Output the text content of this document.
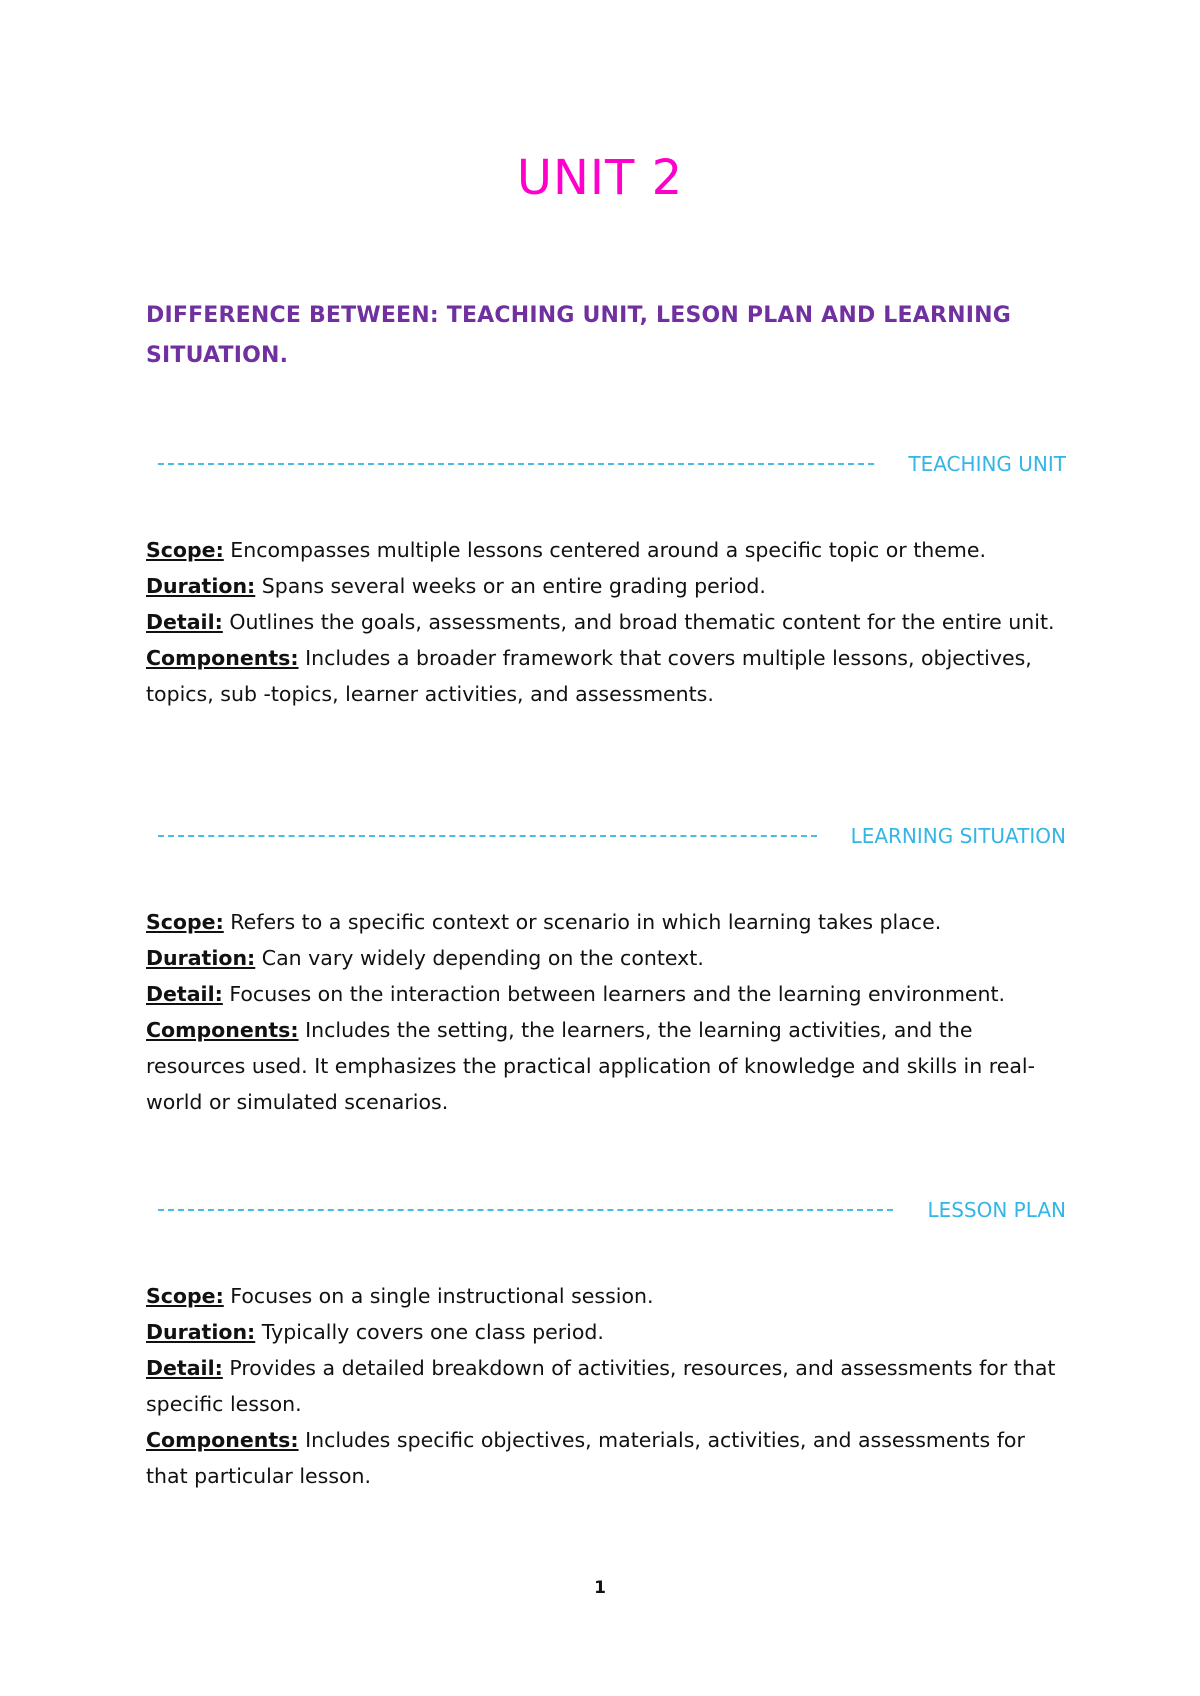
UNIT 2
DIFFERENCE BETWEEN: TEACHING UNIT, LESON PLAN AND LEARNING SITUATION.
TEACHING UNIT

Scope: Encompasses multiple lessons centered around a specific topic or theme.

Duration: Spans several weeks or an entire grading period.

Detail: Outlines the goals, assessments, and broad thematic content for the entire unit.

Components: Includes a broader framework that covers multiple lessons, objectives, topics, sub -topics, learner activities, and assessments.

LEARNING SITUATION

Scope: Refers to a specific context or scenario in which learning takes place.

Duration: Can vary widely depending on the context.

Detail: Focuses on the interaction between learners and the learning environment.

Components: Includes the setting, the learners, the learning activities, and the resources used. It emphasizes the practical application of knowledge and skills in real-world or simulated scenarios.

LESSON PLAN

Scope: Focuses on a single instructional session.

Duration: Typically covers one class period.

Detail: Provides a detailed breakdown of activities, resources, and assessments for that specific lesson.

Components: Includes specific objectives, materials, activities, and assessments for that particular lesson.

1
